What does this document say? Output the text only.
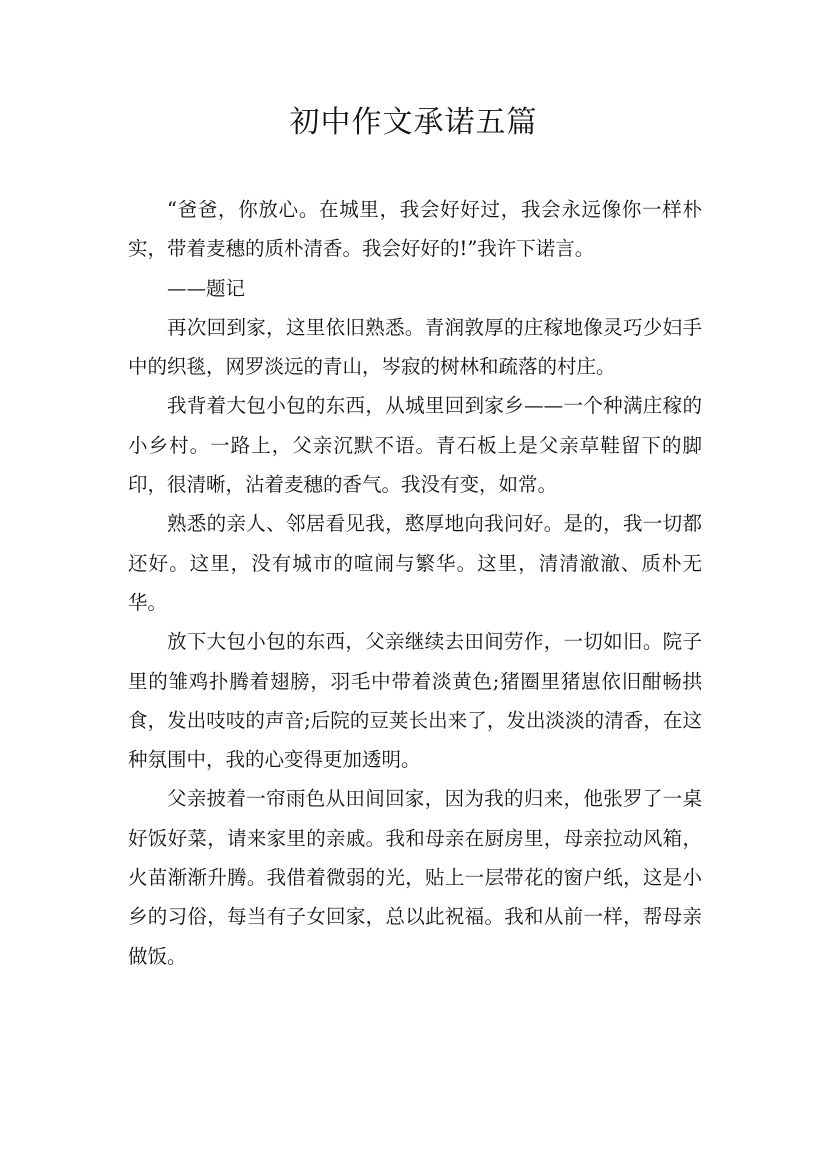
初中作文承诺五篇

“爸爸，你放心。在城里，我会好好过，我会永远像你一样朴实，带着麦穗的质朴清香。我会好好的!”我许下诺言。

——题记

再次回到家，这里依旧熟悉。青润敦厚的庄稼地像灵巧少妇手中的织毯，网罗淡远的青山，岑寂的树林和疏落的村庄。

我背着大包小包的东西，从城里回到家乡——一个种满庄稼的小乡村。一路上，父亲沉默不语。青石板上是父亲草鞋留下的脚印，很清晰，沾着麦穗的香气。我没有变，如常。

熟悉的亲人、邻居看见我，憨厚地向我问好。是的，我一切都还好。这里，没有城市的喧闹与繁华。这里，清清澈澈、质朴无华。

放下大包小包的东西，父亲继续去田间劳作，一切如旧。院子里的雏鸡扑腾着翅膀，羽毛中带着淡黄色;猪圈里猪崽依旧酣畅拱食，发出吱吱的声音;后院的豆荚长出来了，发出淡淡的清香，在这种氛围中，我的心变得更加透明。

父亲披着一帘雨色从田间回家，因为我的归来，他张罗了一桌好饭好菜，请来家里的亲戚。我和母亲在厨房里，母亲拉动风箱，火苗渐渐升腾。我借着微弱的光，贴上一层带花的窗户纸，这是小乡的习俗，每当有子女回家，总以此祝福。我和从前一样，帮母亲做饭。
